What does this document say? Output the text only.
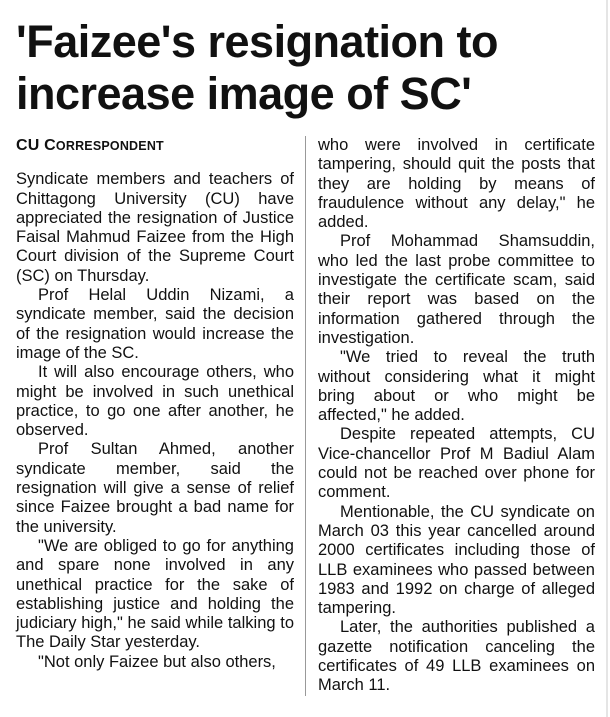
'Faizee's resignation to
increase image of SC'

CU CORRESPONDENT

Syndicate members and teachers of Chittagong University (CU) have appreciated the resignation of Justice Faisal Mahmud Faizee from the High Court division of the Supreme Court (SC) on Thursday.

Prof Helal Uddin Nizami, a syndicate member, said the decision of the resignation would increase the image of the SC.

It will also encourage others, who might be involved in such unethical practice, to go one after another, he observed.

Prof Sultan Ahmed, another syndicate member, said the resignation will give a sense of relief since Faizee brought a bad name for the university.

"We are obliged to go for anything and spare none involved in any unethical practice for the sake of establishing justice and holding the judiciary high," he said while talking to The Daily Star yesterday.

"Not only Faizee but also others,

who were involved in certificate tampering, should quit the posts that they are holding by means of fraudulence without any delay," he added.

Prof Mohammad Shamsuddin, who led the last probe committee to investigate the certificate scam, said their report was based on the information gathered through the investigation.

"We tried to reveal the truth without considering what it might bring about or who might be affected," he added.

Despite repeated attempts, CU Vice-chancellor Prof M Badiul Alam could not be reached over phone for comment.

Mentionable, the CU syndicate on March 03 this year cancelled around 2000 certificates including those of LLB examinees who passed between 1983 and 1992 on charge of alleged tampering.

Later, the authorities published a gazette notification canceling the certificates of 49 LLB examinees on March 11.
